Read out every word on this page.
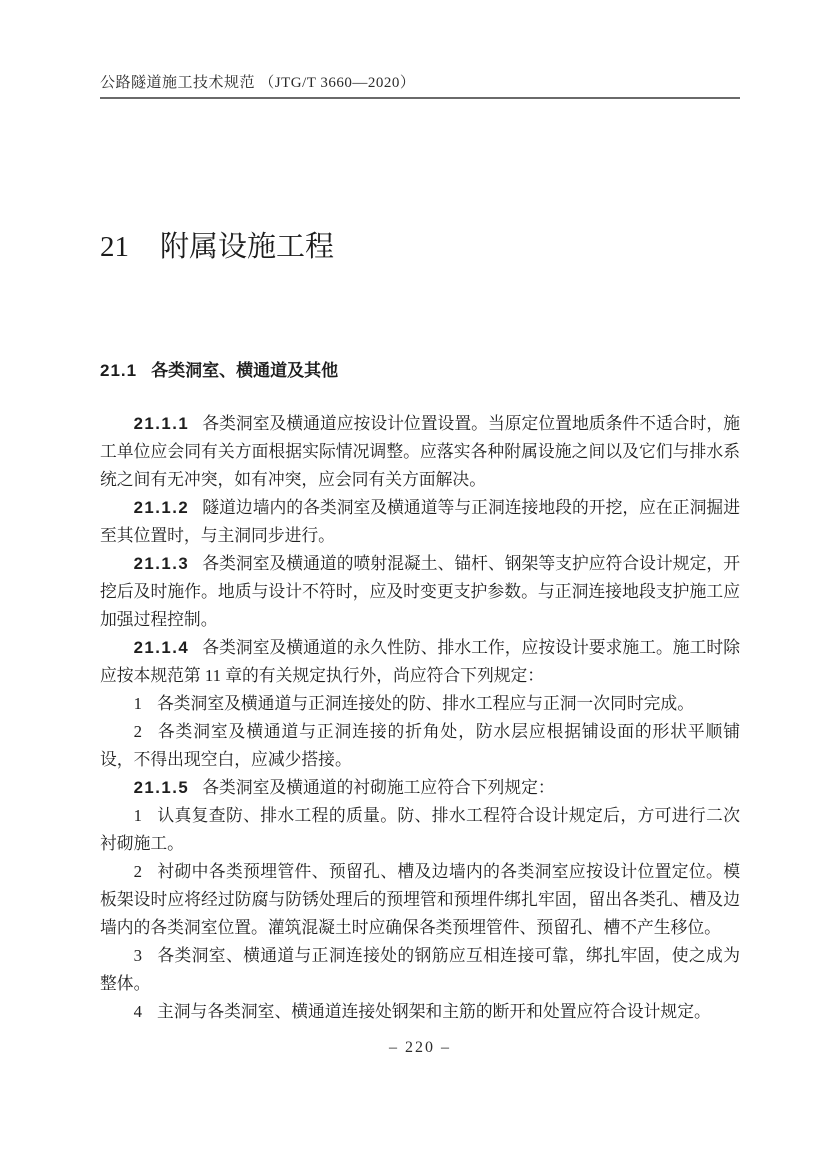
公路隧道施工技术规范 （JTG/T 3660—2020）
21 附属设施工程
21.1 各类洞室、横通道及其他

21.1.1 各类洞室及横通道应按设计位置设置。当原定位置地质条件不适合时，施工单位应会同有关方面根据实际情况调整。应落实各种附属设施之间以及它们与排水系统之间有无冲突，如有冲突，应会同有关方面解决。

21.1.2 隧道边墙内的各类洞室及横通道等与正洞连接地段的开挖，应在正洞掘进至其位置时，与主洞同步进行。

21.1.3 各类洞室及横通道的喷射混凝土、锚杆、钢架等支护应符合设计规定，开挖后及时施作。地质与设计不符时，应及时变更支护参数。与正洞连接地段支护施工应加强过程控制。

21.1.4 各类洞室及横通道的永久性防、排水工作，应按设计要求施工。施工时除应按本规范第 11 章的有关规定执行外，尚应符合下列规定：

1 各类洞室及横通道与正洞连接处的防、排水工程应与正洞一次同时完成。

2 各类洞室及横通道与正洞连接的折角处，防水层应根据铺设面的形状平顺铺设，不得出现空白，应减少搭接。

21.1.5 各类洞室及横通道的衬砌施工应符合下列规定：

1 认真复查防、排水工程的质量。防、排水工程符合设计规定后，方可进行二次衬砌施工。

2 衬砌中各类预埋管件、预留孔、槽及边墙内的各类洞室应按设计位置定位。模板架设时应将经过防腐与防锈处理后的预埋管和预埋件绑扎牢固，留出各类孔、槽及边墙内的各类洞室位置。灌筑混凝土时应确保各类预埋管件、预留孔、槽不产生移位。

3 各类洞室、横通道与正洞连接处的钢筋应互相连接可靠，绑扎牢固，使之成为整体。

4 主洞与各类洞室、横通道连接处钢架和主筋的断开和处置应符合设计规定。

– 220 –
